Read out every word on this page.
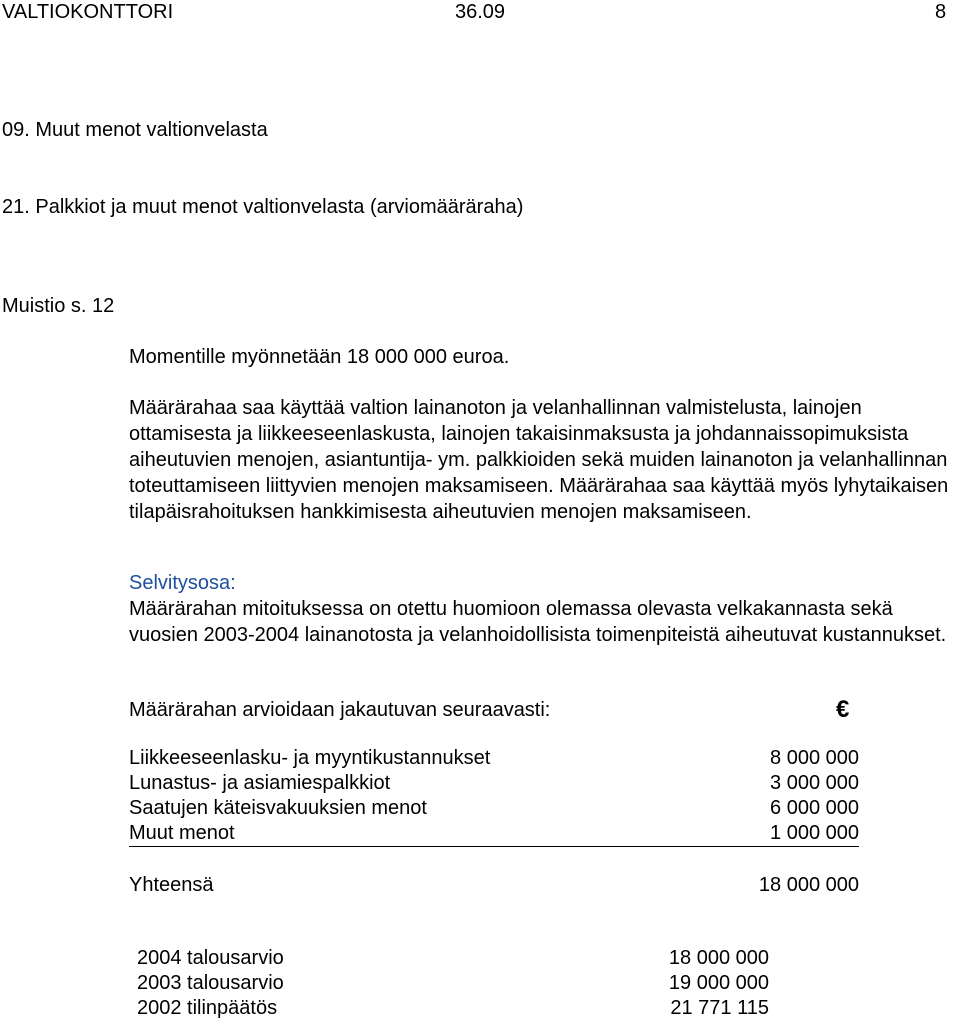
VALTIOKONTTORI	36.09	8
09. Muut menot valtionvelasta
21. Palkkiot ja muut menot valtionvelasta (arviomääräraha)
Muistio s. 12
Momentille myönnetään 18 000 000 euroa.
Määrärahaa saa käyttää valtion lainanoton ja velanhallinnan valmistelusta, lainojen ottamisesta ja liikkeeseenlaskusta, lainojen takaisinmaksusta ja johdannaissopimuksista aiheutuvien menojen, asiantuntija- ym. palkkioiden sekä muiden lainanoton ja velanhallinnan toteuttamiseen liittyvien menojen maksamiseen. Määrärahaa saa käyttää myös lyhytaikaisen tilapäisrahoituksen hankkimisesta aiheutuvien menojen maksamiseen.
Selvitysosa:
Määrärahan mitoituksessa on otettu huomioon olemassa olevasta velkakannasta sekä vuosien 2003-2004 lainanotosta ja velanhoidollisista toimenpiteistä aiheutuvat kustannukset.
Määrärahan arvioidaan jakautuvan seuraavasti:	€
Liikkeeseenlasku- ja myyntikustannukset	8 000 000
Lunastus- ja asiamiespalkkiot	3 000 000
Saatujen käteisvakuuksien menot	6 000 000
Muut menot	1 000 000
Yhteensä	18 000 000
2004 talousarvio	18 000 000
2003 talousarvio	19 000 000
2002 tilinpäätös	21 771 115
